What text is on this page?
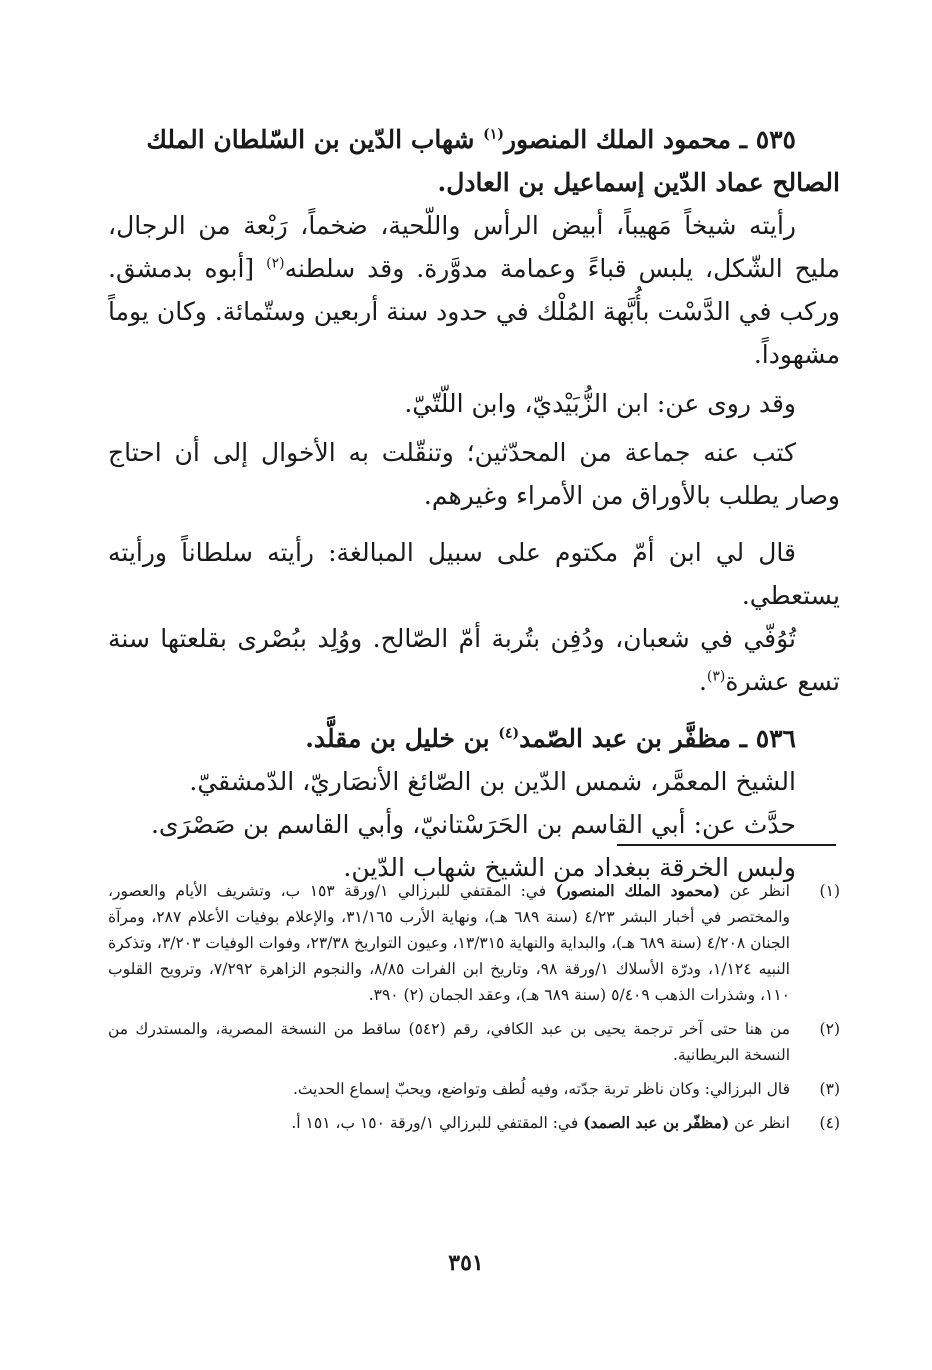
٥٣٥ ـ محمود الملك المنصور$^{(١)}$ شهاب الدّين بن السّلطان الملك

الصالح عماد الدّين إسماعيل بن العادل.

رأيته شيخاً مَهيباً، أبيض الرأس واللّحية، ضخماً، رَبْعة من الرجال، مليح الشّكل، يلبس قباءً وعمامة مدوَّرة. وقد سلطنه$^{(٢)}$ [أبوه بدمشق. وركب في الدَّسْت بأُبَّهة المُلْك في حدود سنة أربعين وستّمائة. وكان يوماً مشهوداً.

وقد روى عن: ابن الزُّبَيْديّ، وابن اللّتّيّ.

كتب عنه جماعة من المحدّثين؛ وتنقّلت به الأخوال إلى أن احتاج وصار يطلب بالأوراق من الأمراء وغيرهم.

قال لي ابن أمّ مكتوم على سبيل المبالغة: رأيته سلطاناً ورأيته يستعطي.

تُوُفّي في شعبان، ودُفِن بتُربة أمّ الصّالح. ووُلِد ببُصْرى بقلعتها سنة تسع عشرة$^{(٣)}$.

٥٣٦ ـ مظفَّر بن عبد الصّمد$^{(٤)}$ بن خليل بن مقلَّد.

الشيخ المعمَّر، شمس الدّين بن الصّائغ الأنصَاريّ، الدّمشقيّ.

حدَّث عن: أبي القاسم بن الحَرَسْتانيّ، وأبي القاسم بن صَصْرَى.

ولبس الخرقة ببغداد من الشيخ شهاب الدّين.

(١)
انظر عن (محمود الملك المنصور) في: المقتفي للبرزالي ١/ورقة ١٥٣ ب، وتشريف الأيام والعصور، والمختصر في أخبار البشر ٤/٢٣ (سنة ٦٨٩ هـ)، ونهاية الأرب ٣١/١٦٥، والإعلام بوفيات الأعلام ٢٨٧، ومرآة الجنان ٤/٢٠٨ (سنة ٦٨٩ هـ)، والبداية والنهاية ١٣/٣١٥، وعيون التواريخ ٢٣/٣٨، وفوات الوفيات ٣/٢٠٣، وتذكرة النبيه ١/١٢٤، ودرّة الأسلاك ١/ورقة ٩٨، وتاريخ ابن الفرات ٨/٨٥، والنجوم الزاهرة ٧/٢٩٢، وترويح القلوب ١١٠، وشذرات الذهب ٥/٤٠٩ (سنة ٦٨٩ هـ)، وعقد الجمان (٢) ٣٩٠.
(٢)
من هنا حتى آخر ترجمة يحيى بن عبد الكافي، رقم (٥٤٢) ساقط من النسخة المصرية، والمستدرك من النسخة البريطانية.
(٣)
قال البرزالي: وكان ناظر تربة جدّته، وفيه لُطف وتواضع، ويحبّ إسماع الحديث.
(٤)
انظر عن (مظفّر بن عبد الصمد) في: المقتفي للبرزالي ١/ورقة ١٥٠ ب، ١٥١ أ.
٣٥١
